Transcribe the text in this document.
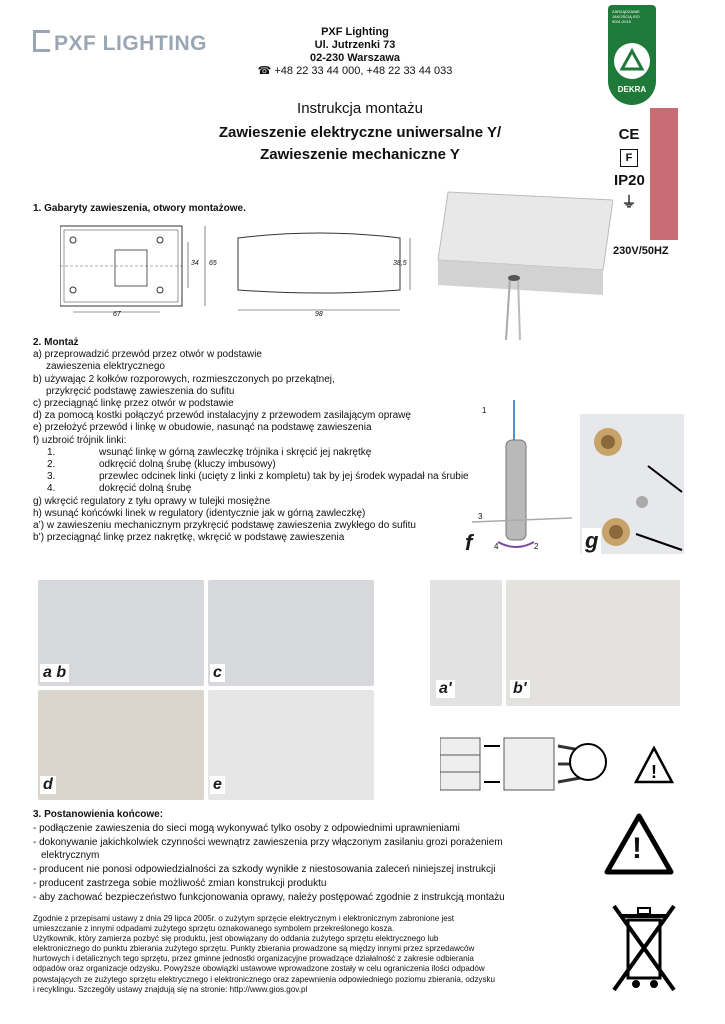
PXF LIGHTING	PXF Lighting
Ul. Jutrzenki 73
02-230 Warszawa
☎ +48 22 33 44 000, +48 22 33 44 033
ZARZĄDZANIE JAKOŚCIĄ ISO 9001:2015
DEKRA
Instrukcja montażu
Zawieszenie elektryczne uniwersalne Y/
Zawieszenie mechaniczne Y
CE
F
IP20
⏚
230V/50HZ
1. Gabaryty zawieszenia, otwory montażowe.
67
34 65
98
38,5
2. Montaż
a) przeprowadzić przewód przez otwór w podstawie
zawieszenia elektrycznego
b) używając 2 kołków rozporowych, rozmieszczonych po przekątnej,
przykręcić podstawę zawieszenia do sufitu
c) przeciągnąć linkę przez otwór w podstawie
d) za pomocą kostki połączyć przewód instalacyjny z przewodem zasilającym oprawę
e) przełożyć przewód i linkę w obudowie, nasunąć na podstawę zawieszenia
f) uzbroić trójnik linki:
1.	wsunąć linkę w górną zawleczkę trójnika i skręcić jej nakrętkę
2.	odkręcić dolną śrubę (kluczy imbusowy)
3.	przewlec odcinek linki (ucięty z linki z kompletu) tak by jej środek wypadał na śrubie
4.	dokręcić dolną śrubę
g) wkręcić regulatory z tyłu oprawy w tulejki mosiężne
h) wsunąć końcówki linek w regulatory (identycznie jak w górną zawleczkę)
a’) w zawieszeniu mechanicznym przykręcić podstawę zawieszenia zwykłego do sufitu
b’) przeciągnąć linkę przez nakrętkę, wkręcić w podstawę zawieszenia
1
2
3
4
f	g
a b	c
d	e
a'	b'
!
3. Postanowienia końcowe:
- podłączenie zawieszenia do sieci mogą wykonywać tylko osoby z odpowiednimi uprawnieniami
- dokonywanie jakichkolwiek czynności wewnątrz zawieszenia przy włączonym zasilaniu grozi porażeniem
elektrycznym
- producent nie ponosi odpowiedzialności za szkody wynikłe z niestosowania zaleceń niniejszej instrukcji
- producent zastrzega sobie możliwość zmian konstrukcji produktu
- aby zachować bezpieczeństwo funkcjonowania oprawy, należy postępować zgodnie z instrukcją montażu
!
Zgodnie z przepisami ustawy z dnia 29 lipca 2005r. o zużytym sprzęcie elektrycznym i elektronicznym zabronione jest
umieszczanie z innymi odpadami zużytego sprzętu oznakowanego symbolem przekreślonego kosza.
Użytkownik, który zamierza pozbyć się produktu, jest obowiązany do oddania zużytego sprzętu elektrycznego lub
elektronicznego do punktu zbierania zużytego sprzętu. Punkty zbierania prowadzone są między innymi przez sprzedawców
hurtowych i detalicznych tego sprzętu, przez gminne jednostki organizacyjne prowadzące działalność z zakresie odbierania
odpadów oraz organizacje odzysku. Powyższe obowiązki ustawowe wprowadzone zostały w celu ograniczenia ilości odpadów
powstających ze zużytego sprzętu elektrycznego i elektronicznego oraz zapewnienia odpowiedniego poziomu zbierania, odzysku
i recyklingu. Szczegóły ustawy znajdują się na stronie: http://www.gios.gov.pl
